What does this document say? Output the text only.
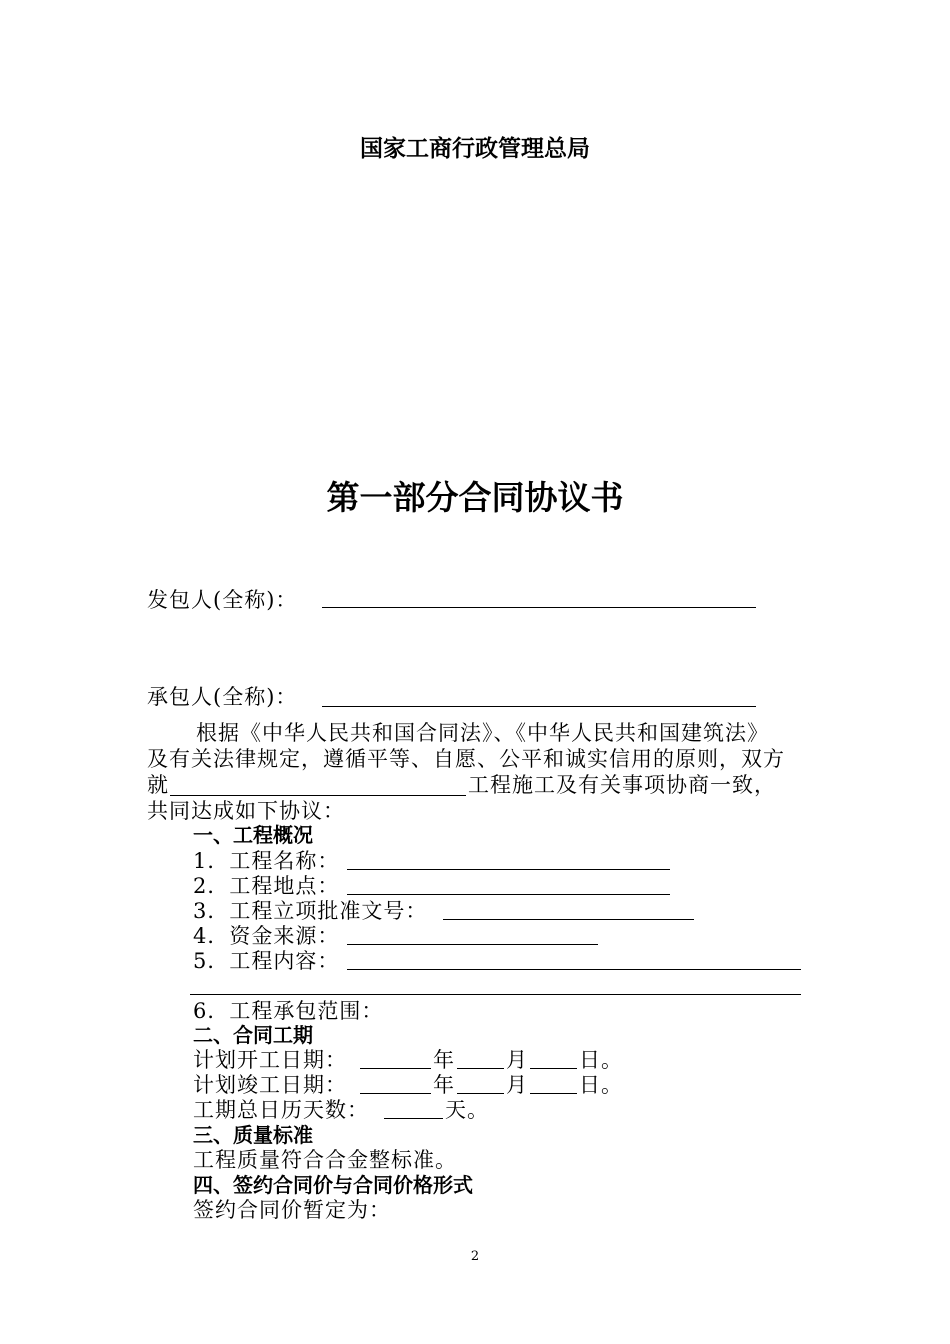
国家工商行政管理总局
第一部分合同协议书
发包人(全称)：
承包人(全称)：
根据《中华人民共和国合同法》、《中华人民共和国建筑法》
及有关法律规定，遵循平等、自愿、公平和诚实信用的原则，双方
就	工程施工及有关事项协商一致，
共同达成如下协议：
一、工程概况
1．工程名称：
2．工程地点：
3．工程立项批准文号：
4．资金来源：
5．工程内容：
6．工程承包范围：
二、合同工期
计划开工日期：	年 月 日。
计划竣工日期：	年 月 日。
工期总日历天数：	天。
三、质量标准
工程质量符合合金整标准。
四、签约合同价与合同价格形式
签约合同价暂定为：
2
